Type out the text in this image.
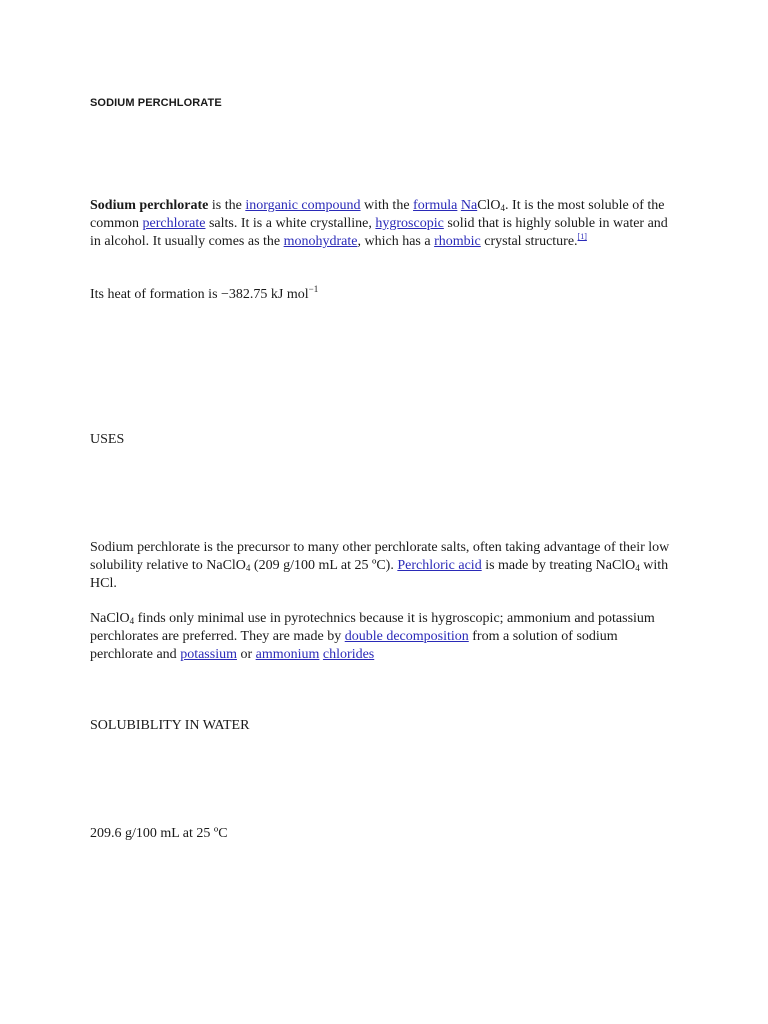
SODIUM PERCHLORATE

Sodium perchlorate is the inorganic compound with the formula NaClO$_4$. It is the most soluble of the common perchlorate salts. It is a white crystalline, hygroscopic solid that is highly soluble in water and in alcohol. It usually comes as the monohydrate, which has a rhombic crystal structure.[1]

Its heat of formation is −382.75 kJ mol$^{-1}$

USES

Sodium perchlorate is the precursor to many other perchlorate salts, often taking advantage of their low solubility relative to NaClO$_4$ (209 g/100 mL at 25 ºC). Perchloric acid is made by treating NaClO$_4$ with HCl.

NaClO$_4$ finds only minimal use in pyrotechnics because it is hygroscopic; ammonium and potassium perchlorates are preferred. They are made by double decomposition from a solution of sodium perchlorate and potassium or ammonium chlorides

SOLUBIBLITY IN WATER

209.6 g/100 mL at 25 ºC
